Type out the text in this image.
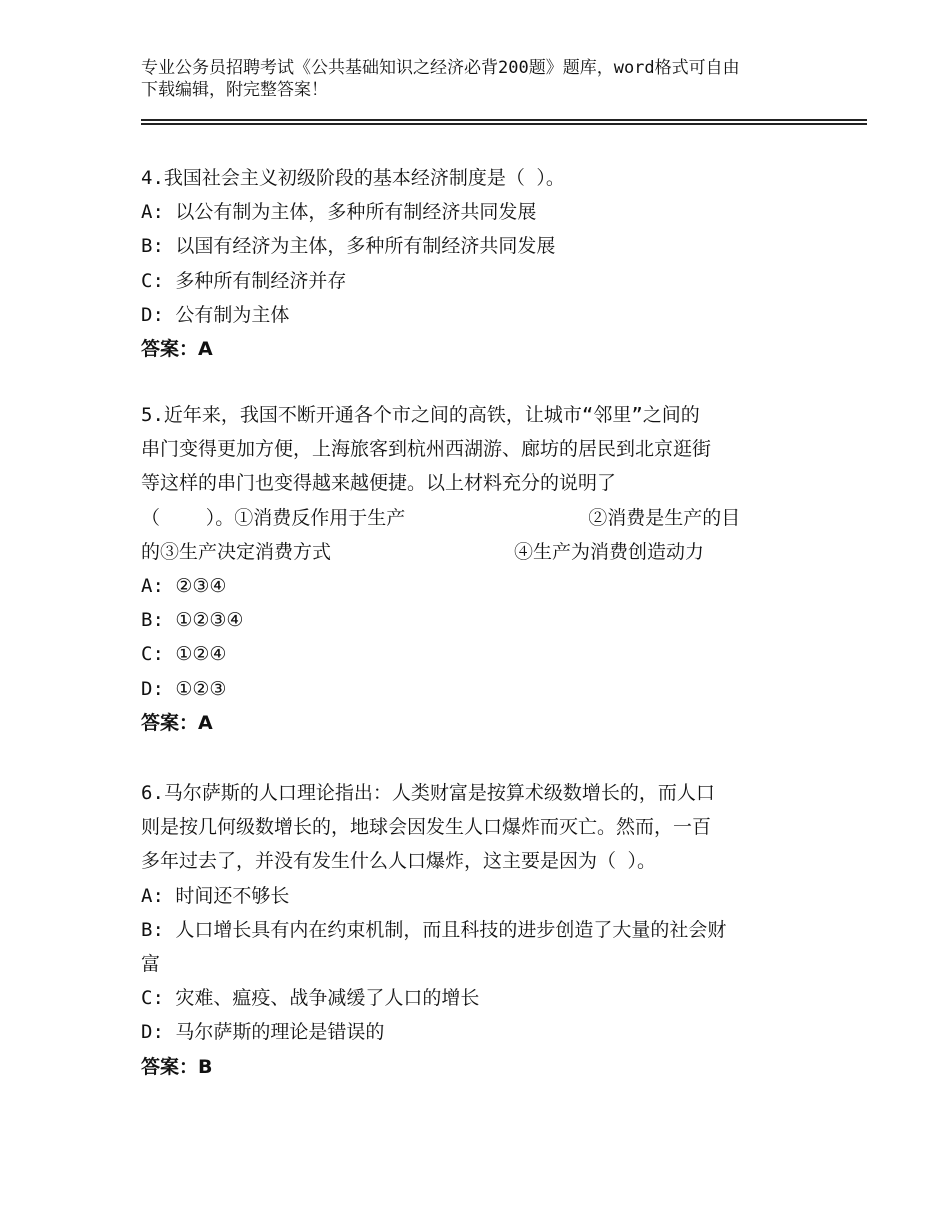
专业公务员招聘考试《公共基础知识之经济必背200题》题库，word格式可自由
下载编辑，附完整答案！
4.我国社会主义初级阶段的基本经济制度是（ ）。
A: 以公有制为主体，多种所有制经济共同发展
B: 以国有经济为主体，多种所有制经济共同发展
C: 多种所有制经济并存
D: 公有制为主体
答案：A
5.近年来，我国不断开通各个市之间的高铁，让城市“邻里”之间的
串门变得更加方便，上海旅客到杭州西湖游、廊坊的居民到北京逛街
等这样的串门也变得越来越便捷。以上材料充分的说明了
（    ）。①消费反作用于生产                ②消费是生产的目
的③生产决定消费方式                ④生产为消费创造动力
A: ②③④
B: ①②③④
C: ①②④
D: ①②③
答案：A
6.马尔萨斯的人口理论指出：人类财富是按算术级数增长的，而人口
则是按几何级数增长的，地球会因发生人口爆炸而灭亡。然而，一百
多年过去了，并没有发生什么人口爆炸，这主要是因为（ ）。
A: 时间还不够长
B: 人口增长具有内在约束机制，而且科技的进步创造了大量的社会财
富
C: 灾难、瘟疫、战争减缓了人口的增长
D: 马尔萨斯的理论是错误的
答案：B
